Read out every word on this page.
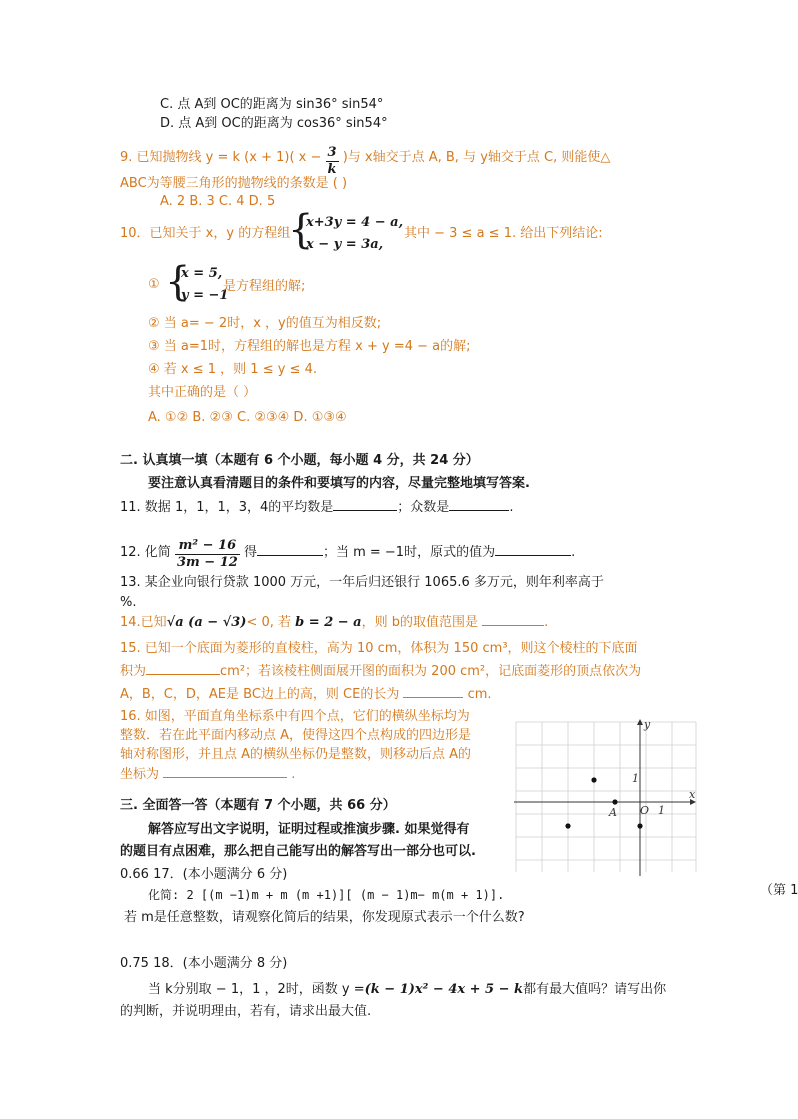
C. 点 A到 OC的距离为 sin36° sin54°
D. 点 A到 OC的距离为 cos36° sin54°
9. 已知抛物线 y = k (x + 1)( $x - \frac{3}{k}$ )与 x轴交于点 A, B, 与 y轴交于点 C, 则能使△
ABC为等腰三角形的抛物线的条数是 ( )
A. 2 B. 3 C. 4 D. 5
10．已知关于 x，y 的方程组
{
x+3y = 4 − a,
x − y = 3a,
其中 − 3 ≤ a ≤ 1. 给出下列结论:
① {
x = 5,
y = −1
是方程组的解;
② 当 a= − 2时，x ，y的值互为相反数;
③ 当 a=1时，方程组的解也是方程 x + y =4 − a的解;
④ 若 x ≤ 1 ，则 1 ≤ y ≤ 4.
其中正确的是（ ）
A. ①② B. ②③ C. ②③④ D. ①③④
二. 认真填一填（本题有 6 个小题，每小题 4 分，共 24 分）
要注意认真看清题目的条件和要填写的内容，尽量完整地填写答案.
11. 数据 1，1，1，3，4的平均数是	；众数是	.
12. 化简 $\frac{\text{m² − 16}}{3m - 12}$ 得	；当 m = −1时，原式的值为	.
13. 某企业向银行贷款 1000 万元，一年后归还银行 1065.6 多万元，则年利率高于
%.
14.已知√a (a − √3)< 0, 若 b = 2 − a，则 b的取值范围是	.
15. 已知一个底面为菱形的直棱柱，高为 10 cm，体积为 150 cm³，则这个棱柱的下底面
积为	cm²；若该棱柱侧面展开图的面积为 200 cm²，记底面菱形的顶点依次为
A，B，C，D，AE是 BC边上的高，则 CE的长为	cm.
16. 如图，平面直角坐标系中有四个点，它们的横纵坐标均为
整数．若在此平面内移动点 A，使得这四个点构成的四边形是
轴对称图形，并且点 A的横纵坐标仍是整数，则移动后点 A的
坐标为	.
x
y
O 1
1
A
（第 1
三. 全面答一答（本题有 7 个小题，共 66 分）
解答应写出文字说明，证明过程或推演步骤. 如果觉得有
的题目有点困难，那么把自己能写出的解答写出一部分也可以.
0.66 17．(本小题满分 6 分)
化简: 2 [(m −1)m + m (m +1)][ (m − 1)m− m(m + 1)].
若 m是任意整数，请观察化简后的结果，你发现原式表示一个什么数?
0.75 18．(本小题满分 8 分)
当 k分别取 − 1，1 ，2时，函数 y =(k − 1)x² − 4x + 5 − k都有最大值吗？请写出你
的判断，并说明理由，若有，请求出最大值.
